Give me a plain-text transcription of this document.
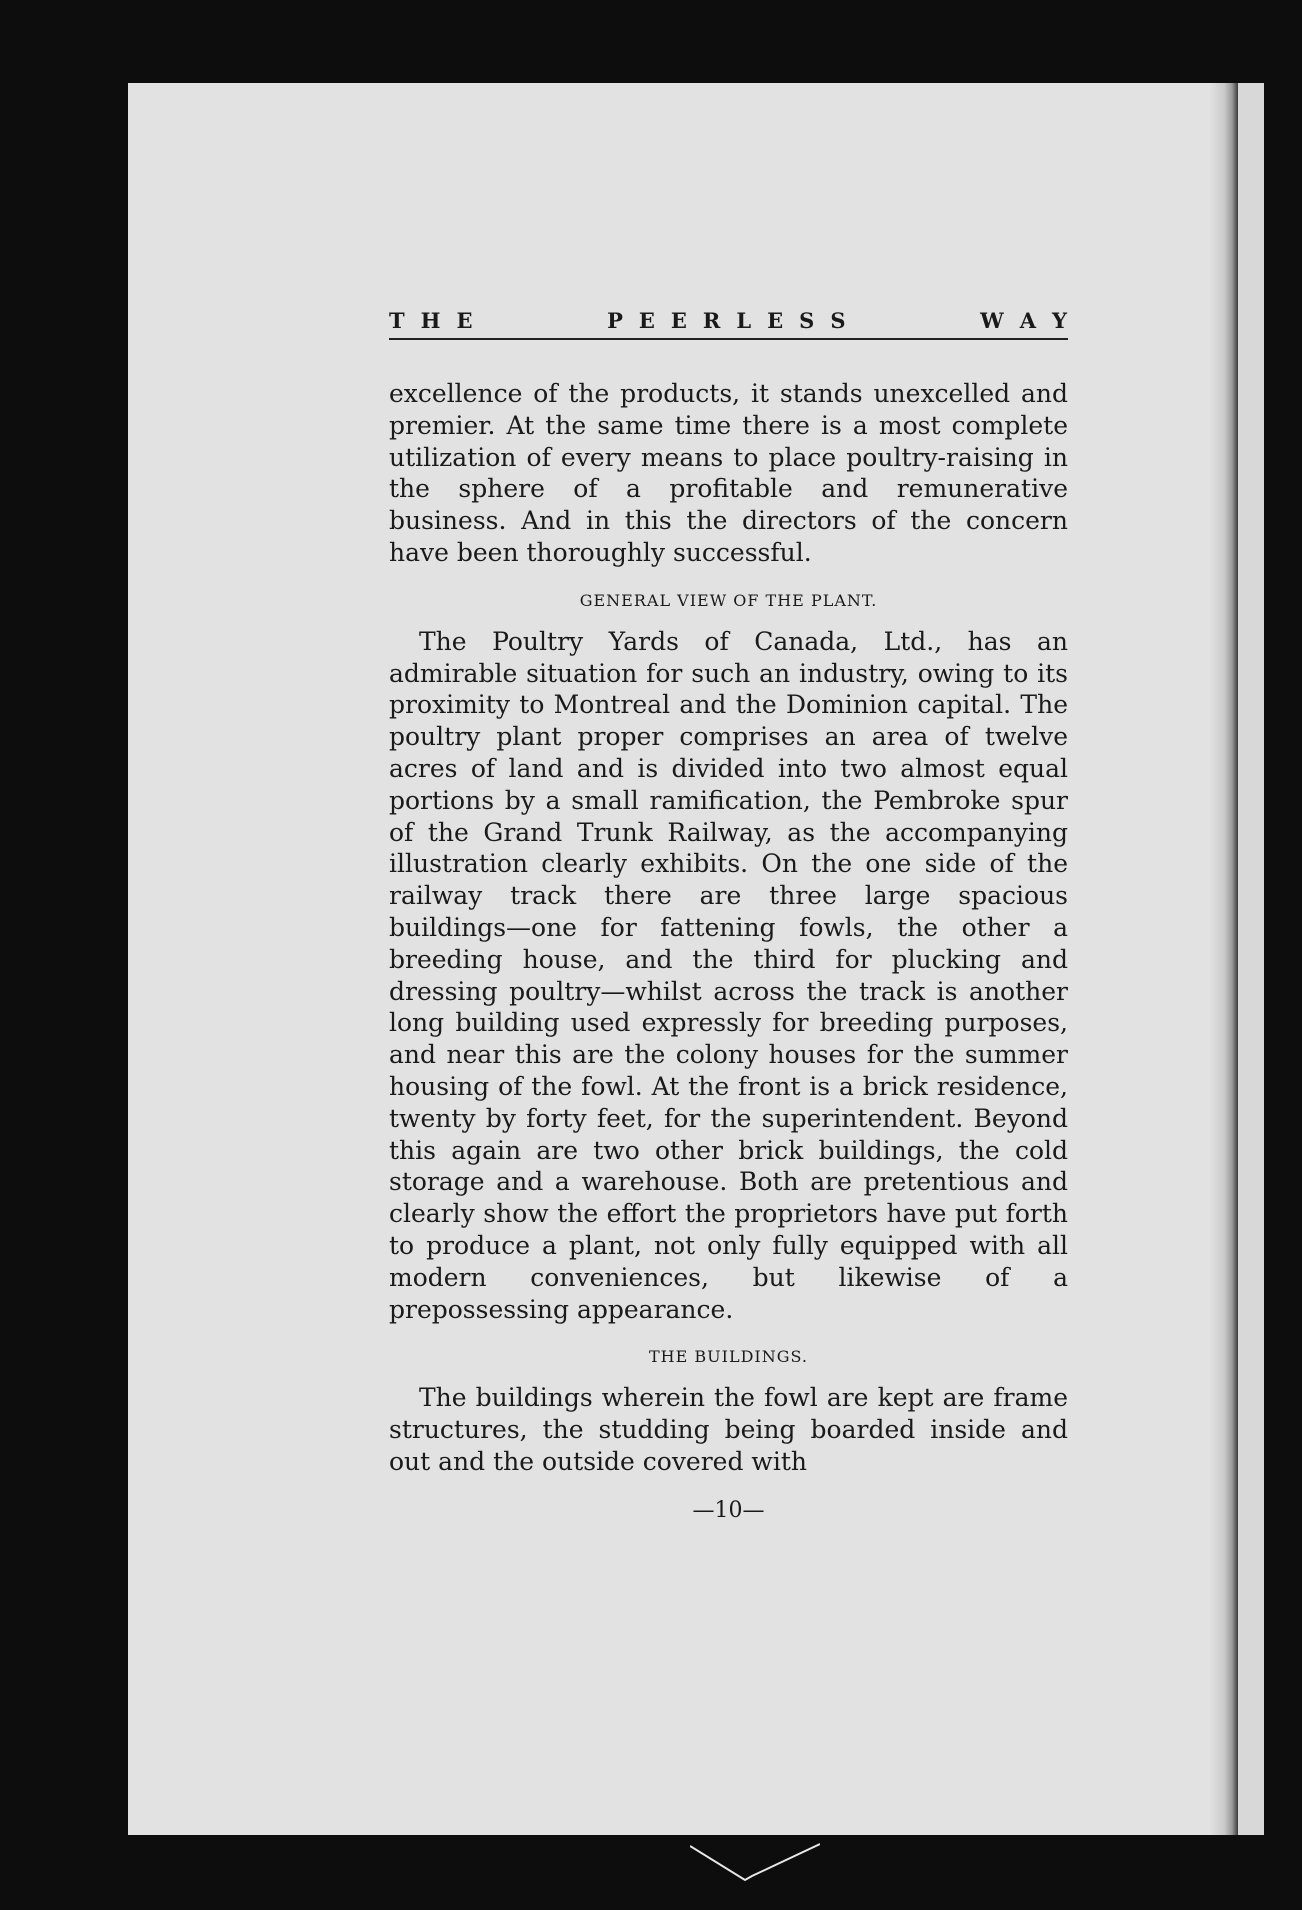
T H E	P E E R L E S S	W A Y

excellence of the products, it stands unexcelled and premier. At the same time there is a most complete utilization of every means to place poultry-raising in the sphere of a profitable and remunerative business. And in this the directors of the concern have been thoroughly successful.

GENERAL VIEW OF THE PLANT.

The Poultry Yards of Canada, Ltd., has an admirable situation for such an industry, owing to its proximity to Montreal and the Dominion capital. The poultry plant proper comprises an area of twelve acres of land and is divided into two almost equal portions by a small ramification, the Pembroke spur of the Grand Trunk Railway, as the accompanying illustration clearly exhibits. On the one side of the railway track there are three large spacious buildings—one for fattening fowls, the other a breeding house, and the third for plucking and dressing poultry—whilst across the track is another long building used expressly for breeding purposes, and near this are the colony houses for the summer housing of the fowl. At the front is a brick residence, twenty by forty feet, for the superintendent. Beyond this again are two other brick buildings, the cold storage and a warehouse. Both are pretentious and clearly show the effort the proprietors have put forth to produce a plant, not only fully equipped with all modern conveniences, but likewise of a prepossessing appearance.

THE BUILDINGS.

The buildings wherein the fowl are kept are frame structures, the studding being boarded inside and out and the outside covered with

—10—
